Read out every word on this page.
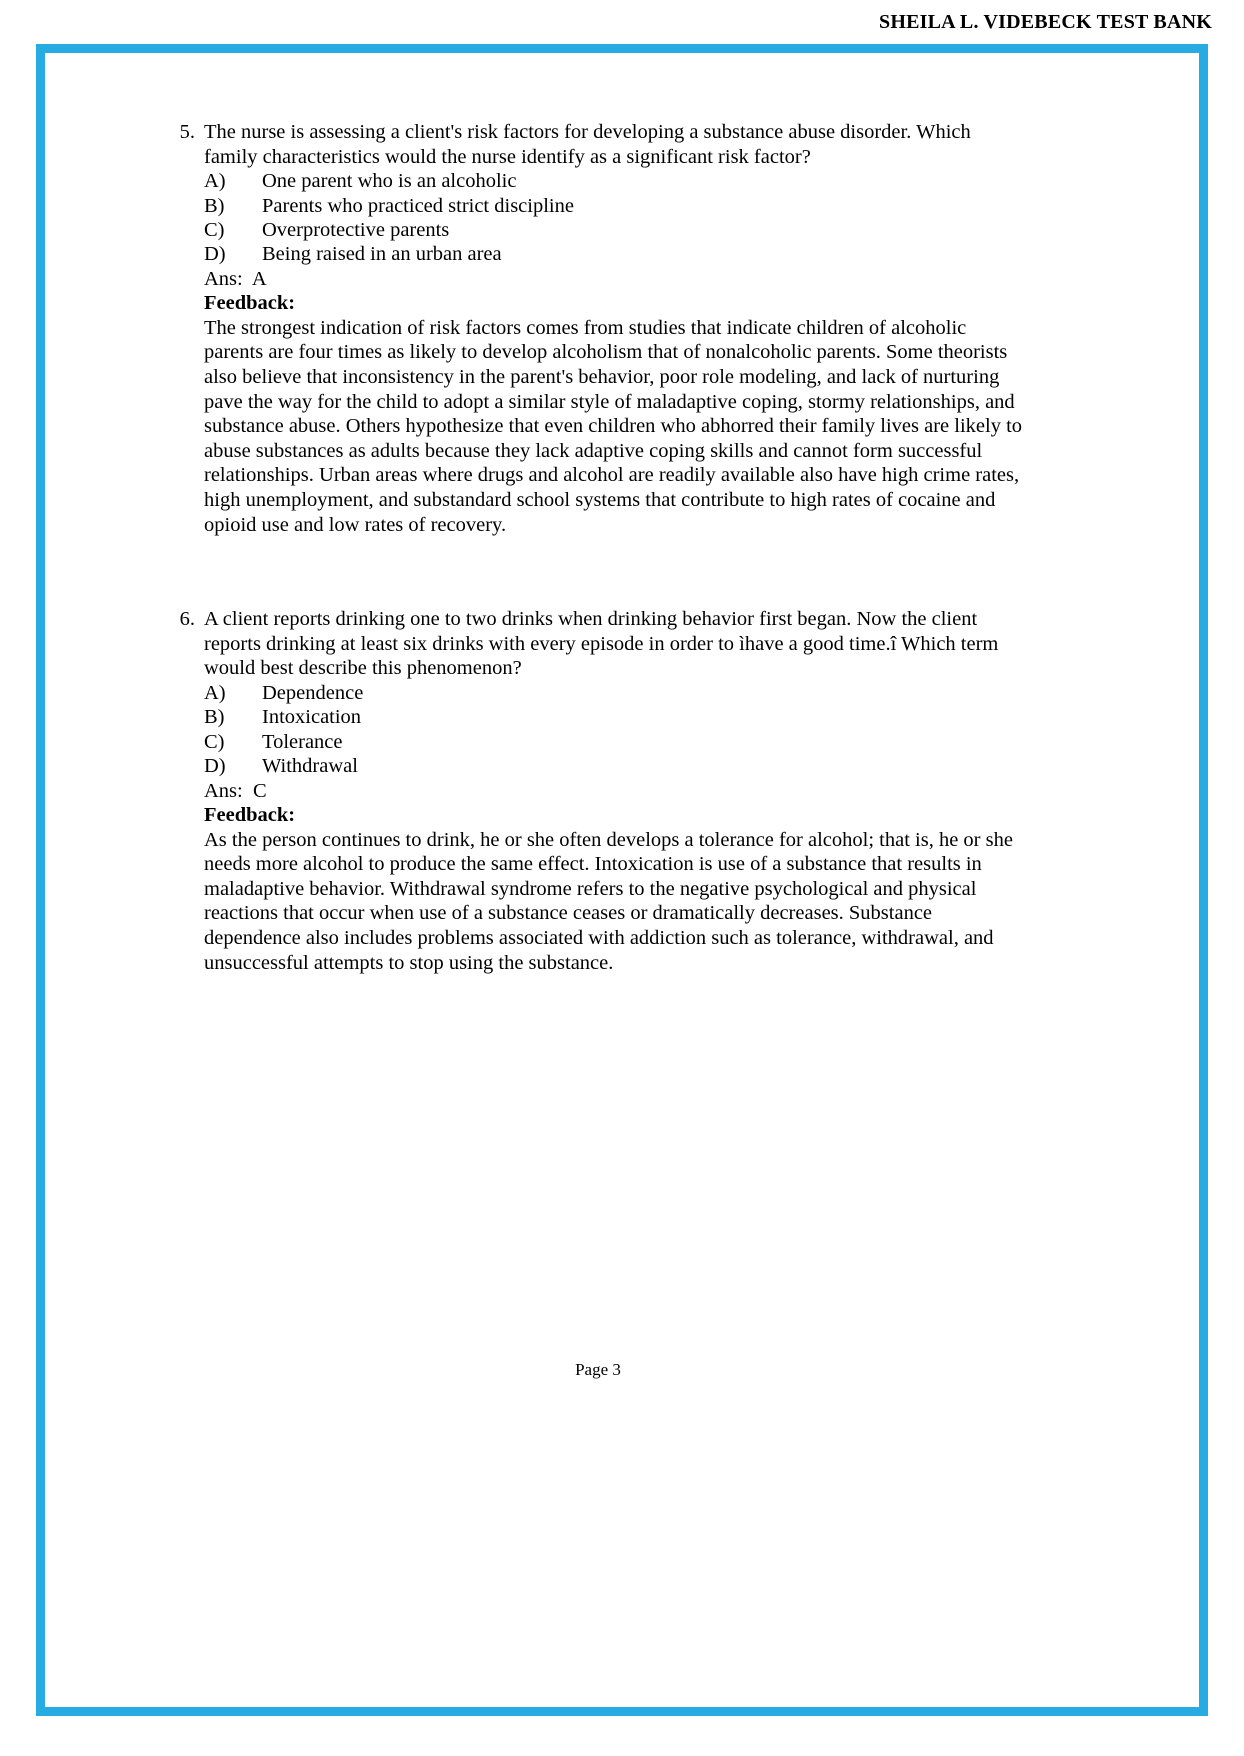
SHEILA L. VIDEBECK TEST BANK
5. The nurse is assessing a client's risk factors for developing a substance abuse disorder. Which family characteristics would the nurse identify as a significant risk factor?
A)	One parent who is an alcoholic
B)	Parents who practiced strict discipline
C)	Overprotective parents
D)	Being raised in an urban area
Ans:  A
Feedback:
The strongest indication of risk factors comes from studies that indicate children of alcoholic parents are four times as likely to develop alcoholism that of nonalcoholic parents. Some theorists also believe that inconsistency in the parent's behavior, poor role modeling, and lack of nurturing pave the way for the child to adopt a similar style of maladaptive coping, stormy relationships, and substance abuse. Others hypothesize that even children who abhorred their family lives are likely to abuse substances as adults because they lack adaptive coping skills and cannot form successful relationships. Urban areas where drugs and alcohol are readily available also have high crime rates, high unemployment, and substandard school systems that contribute to high rates of cocaine and opioid use and low rates of recovery.
6. A client reports drinking one to two drinks when drinking behavior first began. Now the client reports drinking at least six drinks with every episode in order to ìhave a good time.î Which term would best describe this phenomenon?
A)	Dependence
B)	Intoxication
C)	Tolerance
D)	Withdrawal
Ans:  C
Feedback:
As the person continues to drink, he or she often develops a tolerance for alcohol; that is, he or she needs more alcohol to produce the same effect. Intoxication is use of a substance that results in maladaptive behavior. Withdrawal syndrome refers to the negative psychological and physical reactions that occur when use of a substance ceases or dramatically decreases. Substance dependence also includes problems associated with addiction such as tolerance, withdrawal, and unsuccessful attempts to stop using the substance.
Page 3
